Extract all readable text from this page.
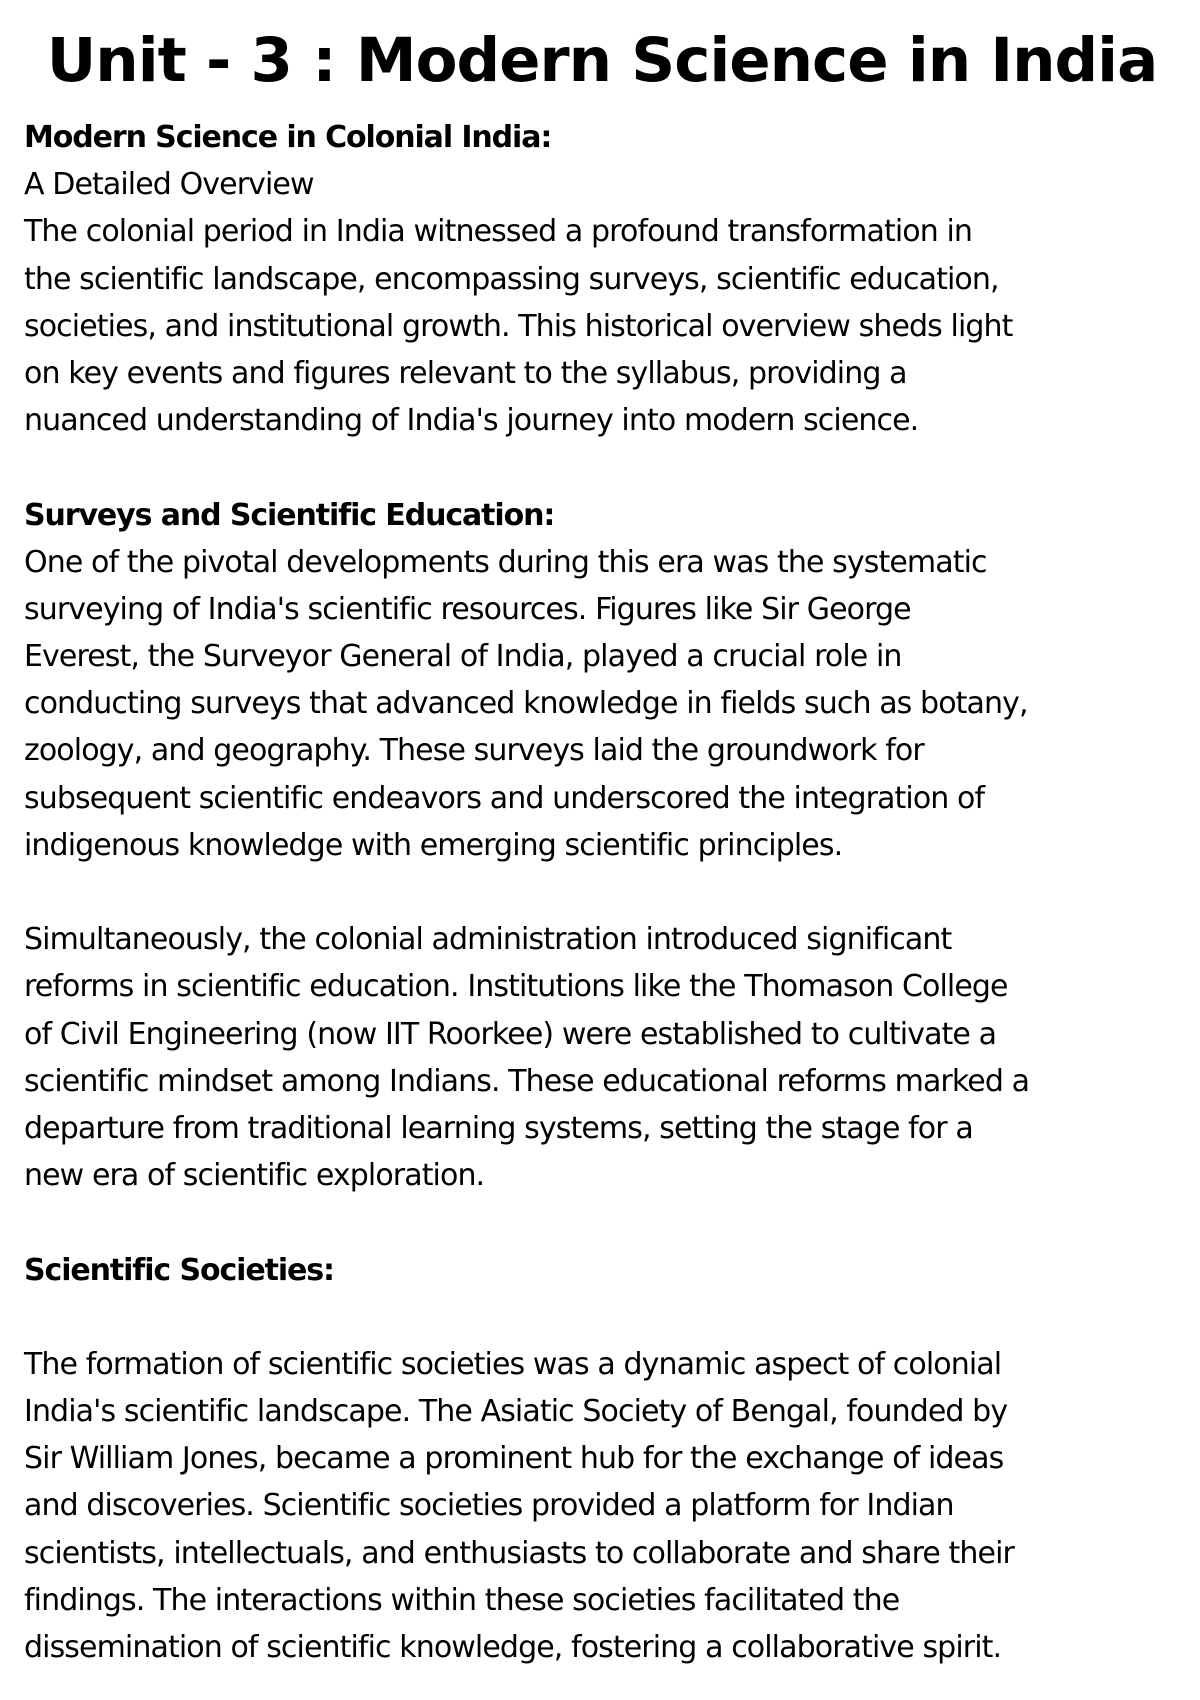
Unit - 3 : Modern Science in India
Modern Science in Colonial India:
A Detailed Overview
The colonial period in India witnessed a profound transformation in
the scientific landscape, encompassing surveys, scientific education,
societies, and institutional growth. This historical overview sheds light
on key events and figures relevant to the syllabus, providing a
nuanced understanding of India's journey into modern science.
Surveys and Scientific Education:
One of the pivotal developments during this era was the systematic
surveying of India's scientific resources. Figures like Sir George
Everest, the Surveyor General of India, played a crucial role in
conducting surveys that advanced knowledge in fields such as botany,
zoology, and geography. These surveys laid the groundwork for
subsequent scientific endeavors and underscored the integration of
indigenous knowledge with emerging scientific principles.
Simultaneously, the colonial administration introduced significant
reforms in scientific education. Institutions like the Thomason College
of Civil Engineering (now IIT Roorkee) were established to cultivate a
scientific mindset among Indians. These educational reforms marked a
departure from traditional learning systems, setting the stage for a
new era of scientific exploration.
Scientific Societies:
The formation of scientific societies was a dynamic aspect of colonial
India's scientific landscape. The Asiatic Society of Bengal, founded by
Sir William Jones, became a prominent hub for the exchange of ideas
and discoveries. Scientific societies provided a platform for Indian
scientists, intellectuals, and enthusiasts to collaborate and share their
findings. The interactions within these societies facilitated the
dissemination of scientific knowledge, fostering a collaborative spirit.
